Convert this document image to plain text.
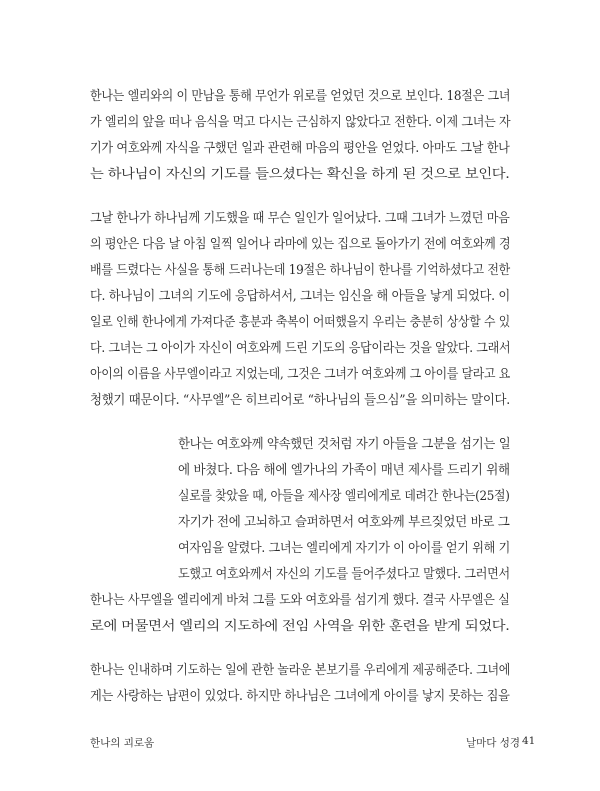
한나는 엘리와의 이 만남을 통해 무언가 위로를 얻었던 것으로 보인다. 18절은 그녀
가 엘리의 앞을 떠나 음식을 먹고 다시는 근심하지 않았다고 전한다. 이제 그녀는 자
기가 여호와께 자식을 구했던 일과 관련해 마음의 평안을 얻었다. 아마도 그날 한나
는 하나님이 자신의 기도를 들으셨다는 확신을 하게 된 것으로 보인다.
그날 한나가 하나님께 기도했을 때 무슨 일인가 일어났다. 그때 그녀가 느꼈던 마음
의 평안은 다음 날 아침 일찍 일어나 라마에 있는 집으로 돌아가기 전에 여호와께 경
배를 드렸다는 사실을 통해 드러나는데 19절은 하나님이 한나를 기억하셨다고 전한
다. 하나님이 그녀의 기도에 응답하셔서, 그녀는 임신을 해 아들을 낳게 되었다. 이
일로 인해 한나에게 가져다준 흥분과 축복이 어떠했을지 우리는 충분히 상상할 수 있
다. 그녀는 그 아이가 자신이 여호와께 드린 기도의 응답이라는 것을 알았다. 그래서
아이의 이름을 사무엘이라고 지었는데, 그것은 그녀가 여호와께 그 아이를 달라고 요
청했기 때문이다. “사무엘”은 히브리어로 “하나님의 들으심”을 의미하는 말이다.
한나는 여호와께 약속했던 것처럼 자기 아들을 그분을 섬기는 일
에 바쳤다. 다음 해에 엘가나의 가족이 매년 제사를 드리기 위해
실로를 찾았을 때, 아들을 제사장 엘리에게로 데려간 한나는(25절)
자기가 전에 고뇌하고 슬퍼하면서 여호와께 부르짖었던 바로 그
여자임을 알렸다. 그녀는 엘리에게 자기가 이 아이를 얻기 위해 기
도했고 여호와께서 자신의 기도를 들어주셨다고 말했다. 그러면서
한나는 사무엘을 엘리에게 바쳐 그를 도와 여호와를 섬기게 했다. 결국 사무엘은 실
로에 머물면서 엘리의 지도하에 전임 사역을 위한 훈련을 받게 되었다.
한나는 인내하며 기도하는 일에 관한 놀라운 본보기를 우리에게 제공해준다. 그녀에
게는 사랑하는 남편이 있었다. 하지만 하나님은 그녀에게 아이를 낳지 못하는 짐을
한나의 괴로움	날마다 성경 41
